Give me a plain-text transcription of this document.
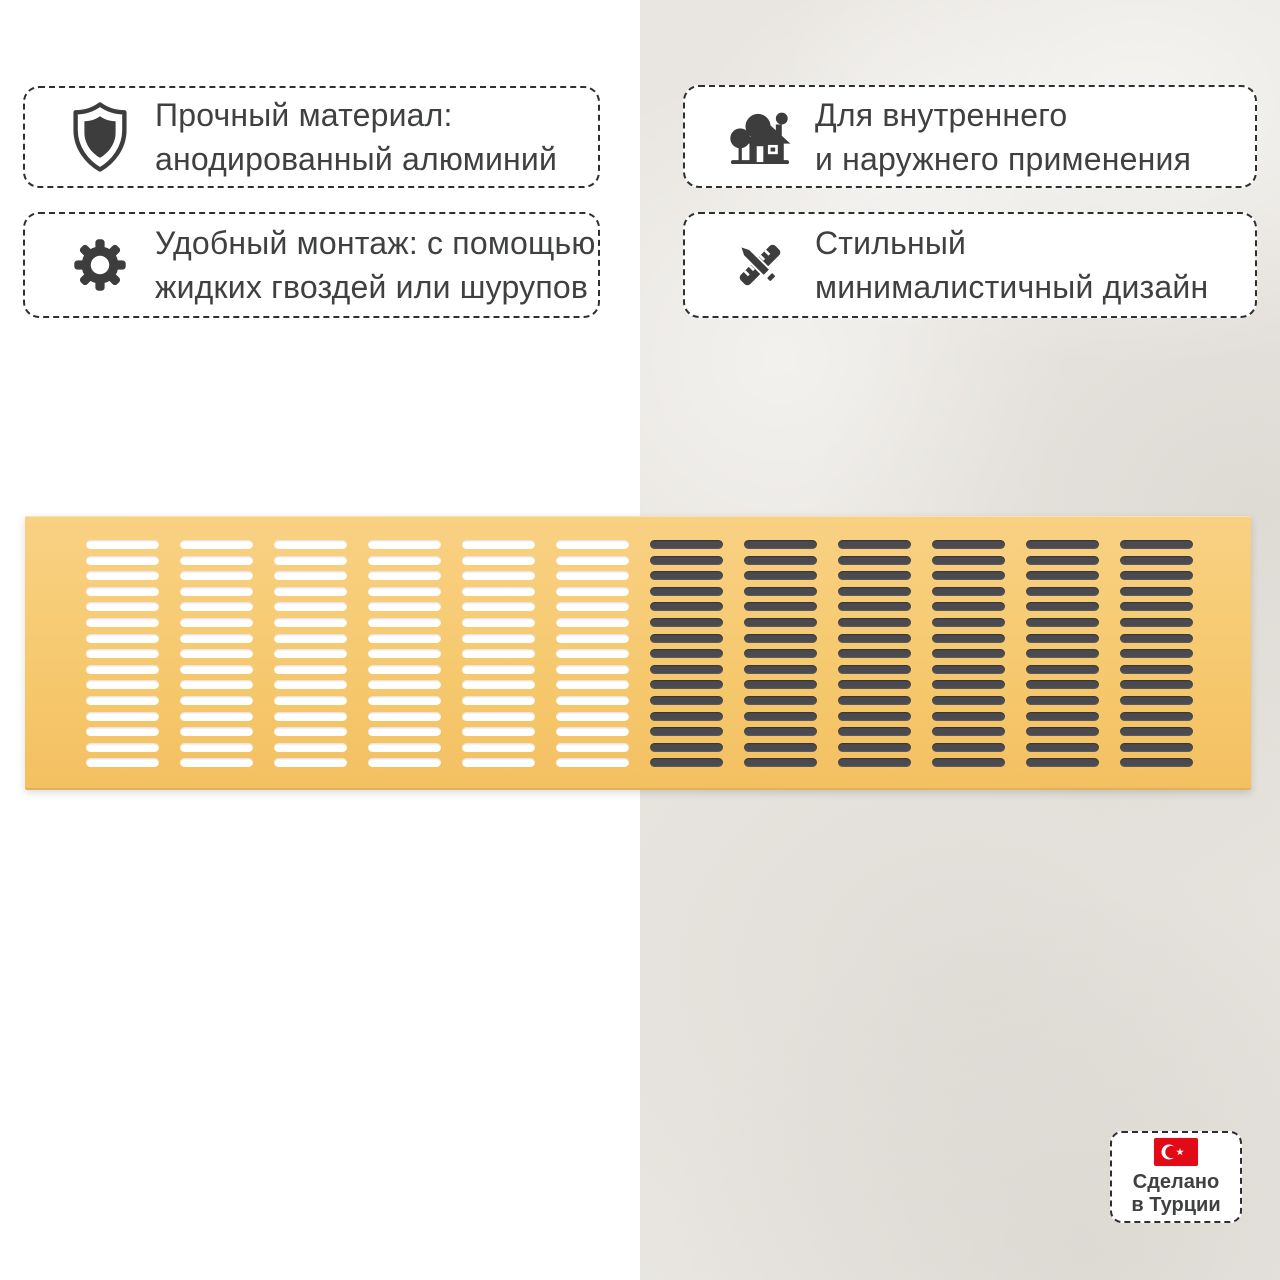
Прочный материал:
анодированный алюминий

Удобный монтаж: с помощью
жидких гвоздей или шурупов

Для внутреннего
и наружнего применения

Стильный
минималистичный дизайн

Сделано
в Турции
